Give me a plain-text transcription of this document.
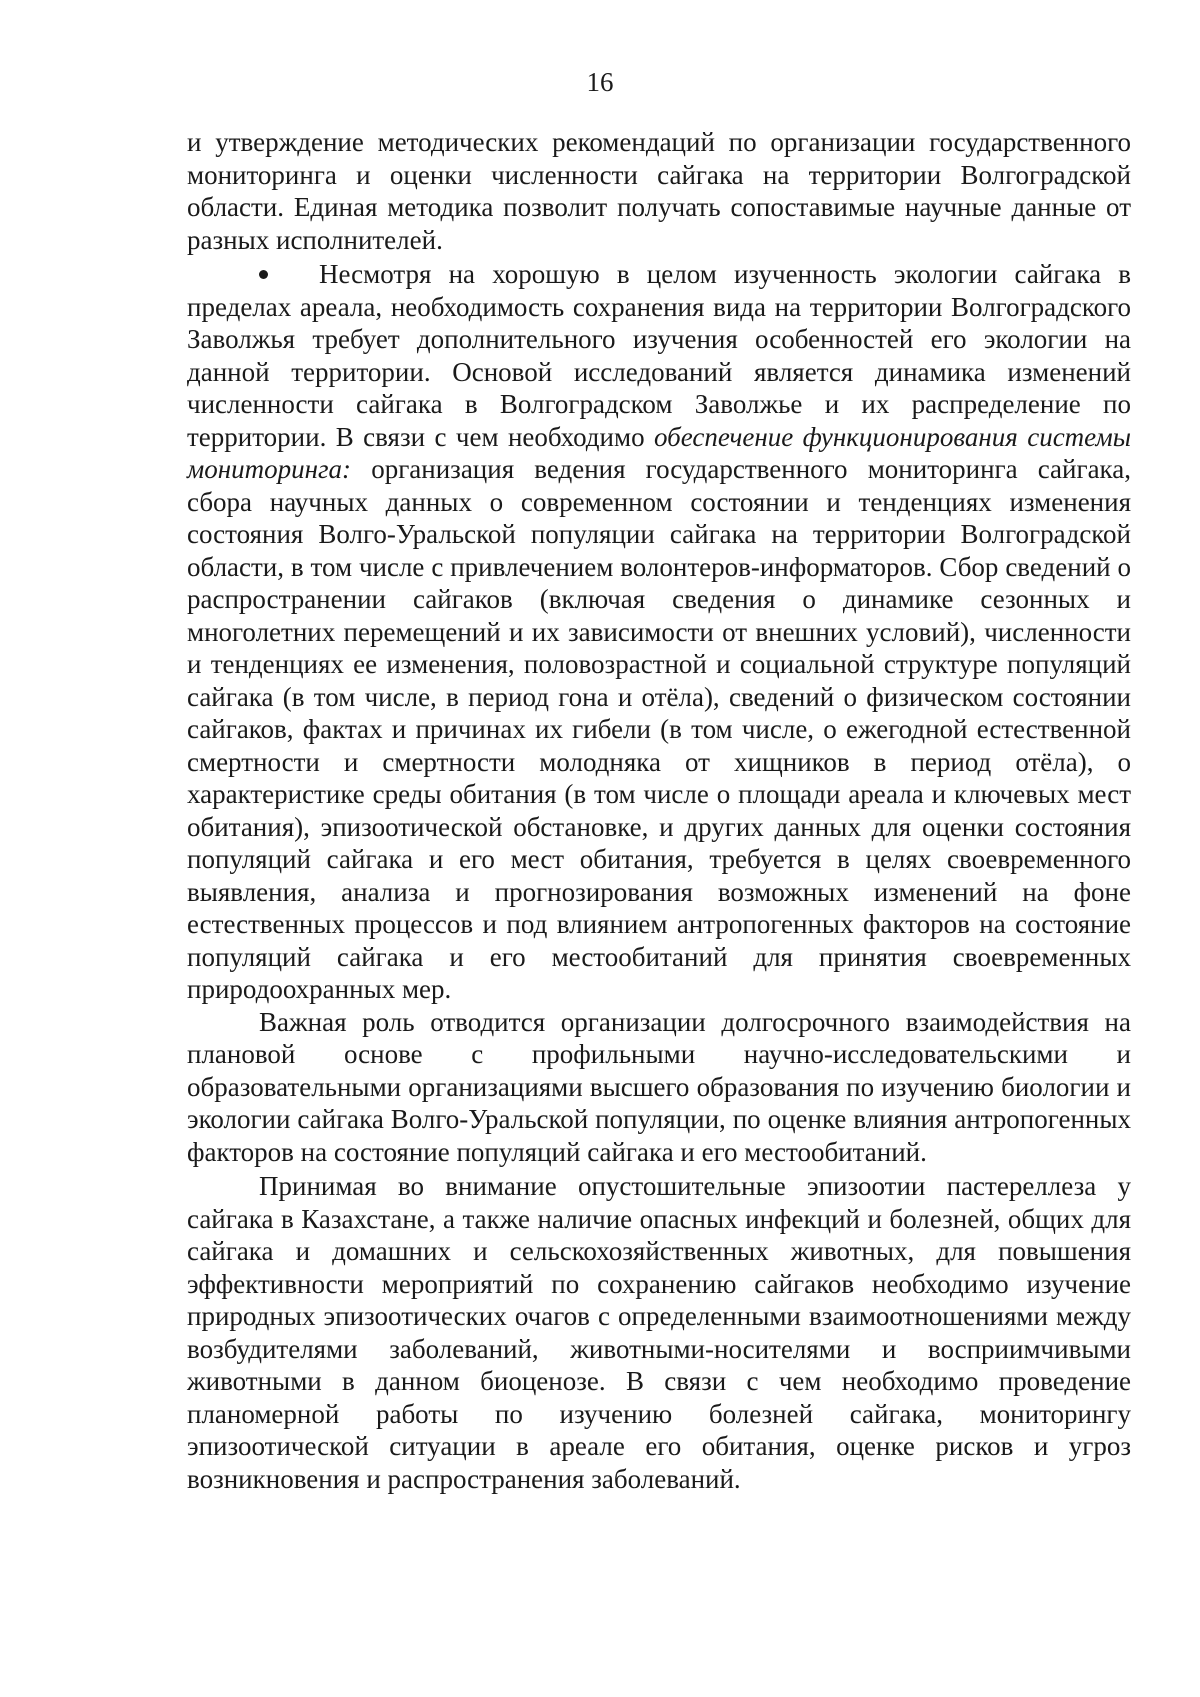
16

и утверждение методических рекомендаций по организации государственного мониторинга и оценки численности сайгака на территории Волгоградской области. Единая методика позволит получать сопоставимые научные данные от разных исполнителей.

Несмотря на хорошую в целом изученность экологии сайгака в пределах ареала, необходимость сохранения вида на территории Волгоградского Заволжья требует дополнительного изучения особенностей его экологии на данной территории. Основой исследований является динамика изменений численности сайгака в Волгоградском Заволжье и их распределение по территории. В связи с чем необходимо обеспечение функционирования системы мониторинга: организация ведения государственного мониторинга сайгака, сбора научных данных о современном состоянии и тенденциях изменения состояния Волго-Уральской популяции сайгака на территории Волгоградской области, в том числе с привлечением волонтеров-информаторов. Сбор сведений о распространении сайгаков (включая сведения о динамике сезонных и многолетних перемещений и их зависимости от внешних условий), численности и тенденциях ее изменения, половозрастной и социальной структуре популяций сайгака (в том числе, в период гона и отёла), сведений о физическом состоянии сайгаков, фактах и причинах их гибели (в том числе, о ежегодной естественной смертности и смертности молодняка от хищников в период отёла), о характеристике среды обитания (в том числе о площади ареала и ключевых мест обитания), эпизоотической обстановке, и других данных для оценки состояния популяций сайгака и его мест обитания, требуется в целях своевременного выявления, анализа и прогнозирования возможных изменений на фоне естественных процессов и под влиянием антропогенных факторов на состояние популяций сайгака и его местообитаний для принятия своевременных природоохранных мер.

Важная роль отводится организации долгосрочного взаимодействия на плановой основе с профильными научно-исследовательскими и образовательными организациями высшего образования по изучению биологии и экологии сайгака Волго-Уральской популяции, по оценке влияния антропогенных факторов на состояние популяций сайгака и его местообитаний.

Принимая во внимание опустошительные эпизоотии пастереллеза у сайгака в Казахстане, а также наличие опасных инфекций и болезней, общих для сайгака и домашних и сельскохозяйственных животных, для повышения эффективности мероприятий по сохранению сайгаков необходимо изучение природных эпизоотических очагов с определенными взаимоотношениями между возбудителями заболеваний, животными-носителями и восприимчивыми животными в данном биоценозе. В связи с чем необходимо проведение планомерной работы по изучению болезней сайгака, мониторингу эпизоотической ситуации в ареале его обитания, оценке рисков и угроз возникновения и распространения заболеваний.
